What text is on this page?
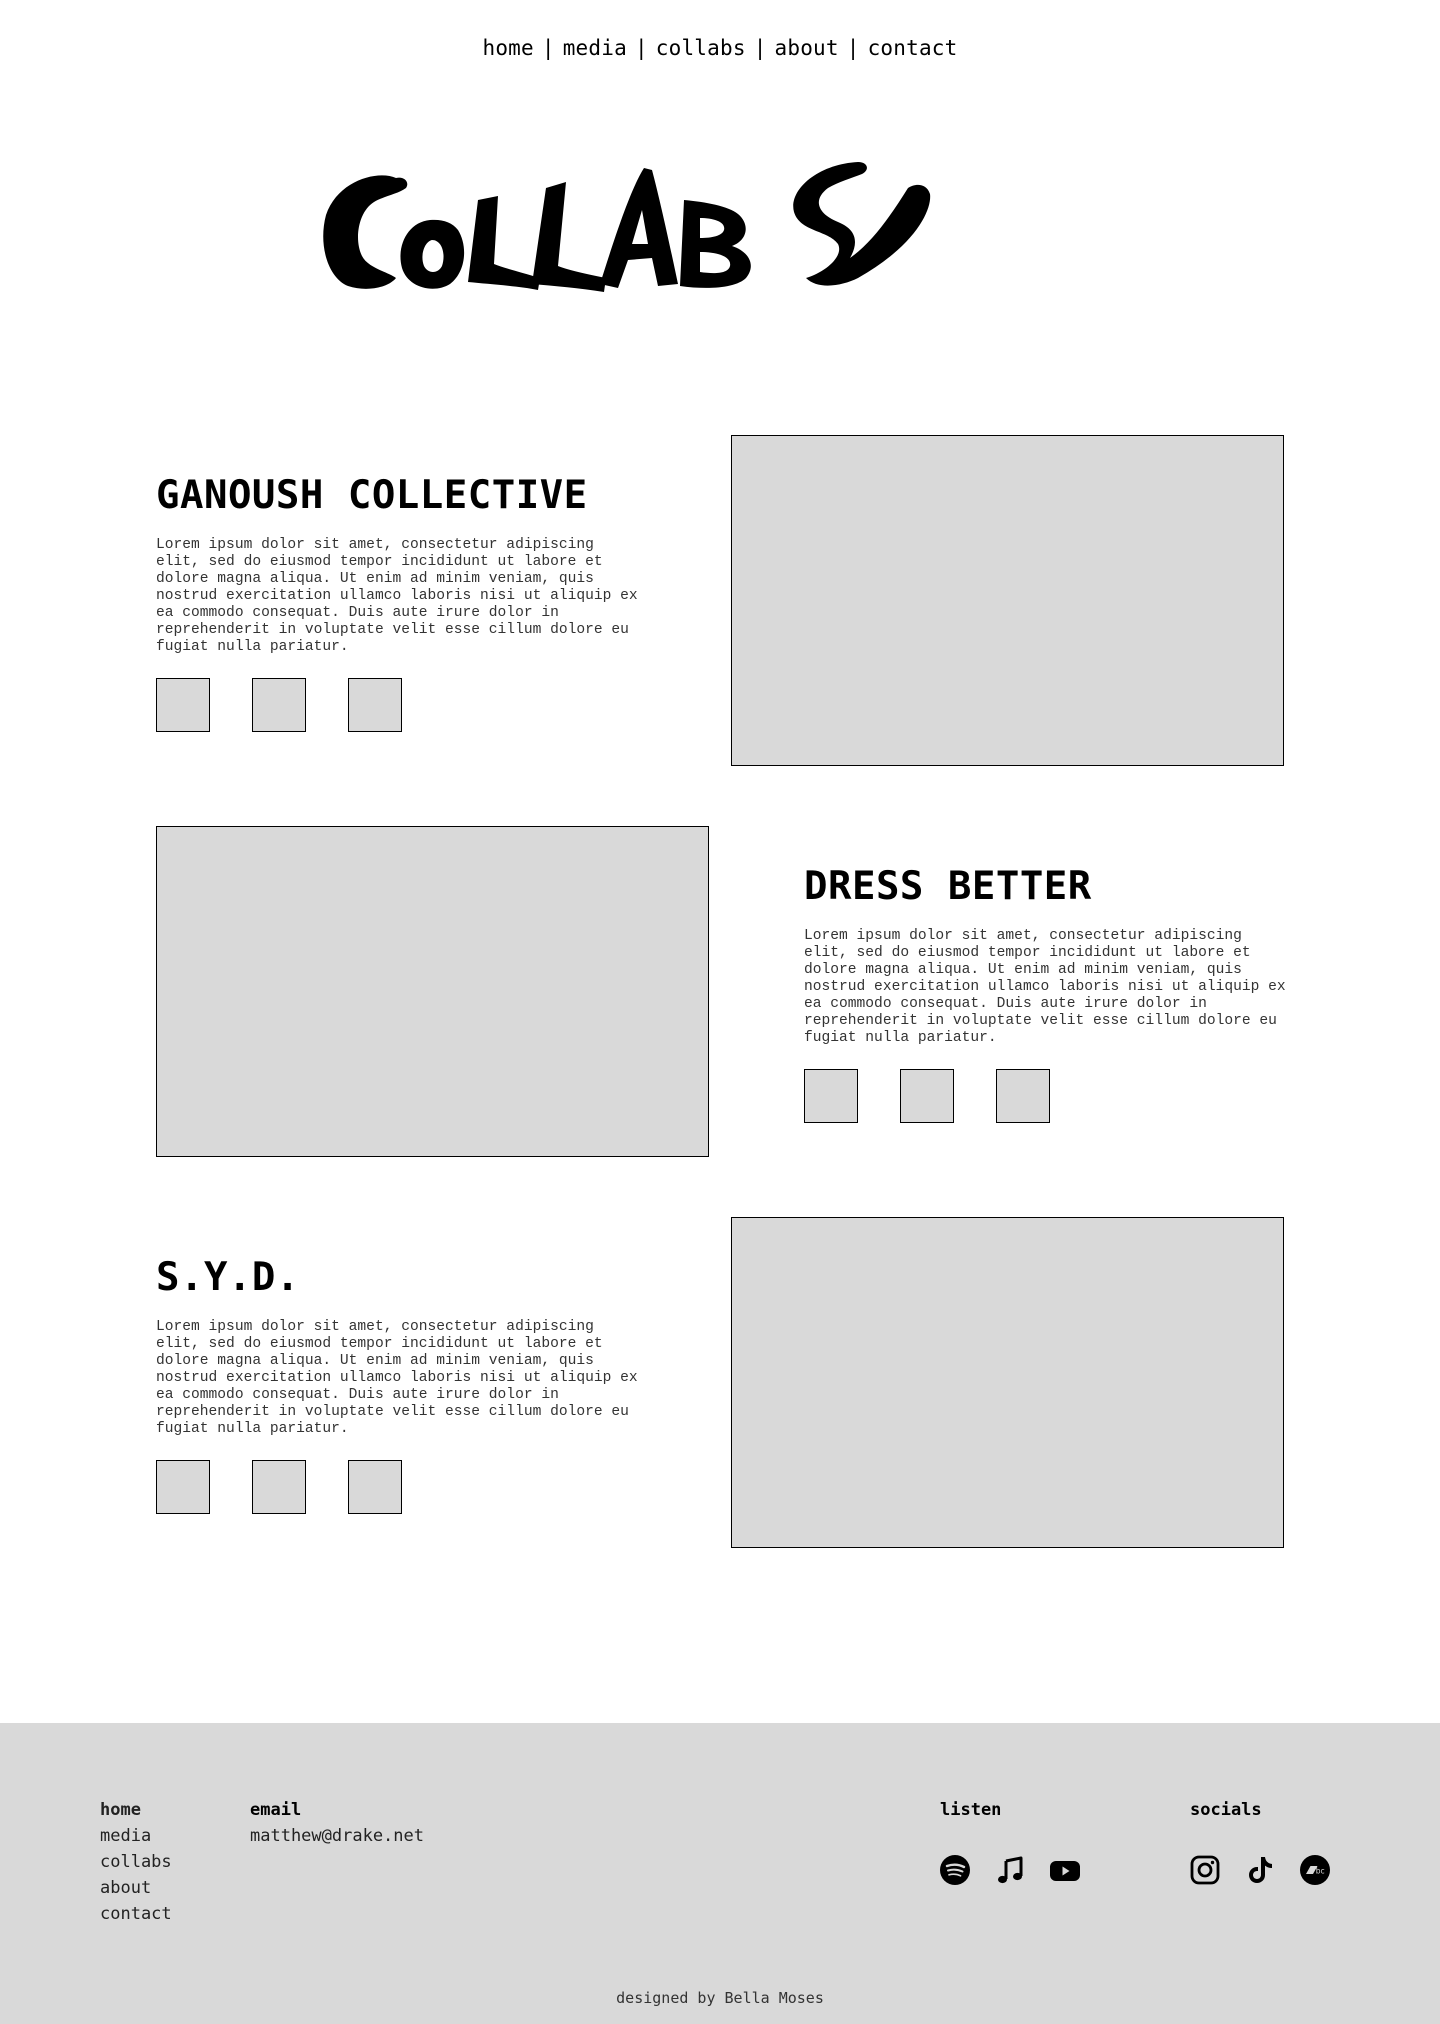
home | media | collabs | about | contact
GANOUSH COLLECTIVE

Lorem ipsum dolor sit amet, consectetur adipiscing elit, sed do eiusmod tempor incididunt ut labore et dolore magna aliqua. Ut enim ad minim veniam, quis nostrud exercitation ullamco laboris nisi ut aliquip ex ea commodo consequat. Duis aute irure dolor in reprehenderit in voluptate velit esse cillum dolore eu fugiat nulla pariatur.

DRESS BETTER

Lorem ipsum dolor sit amet, consectetur adipiscing elit, sed do eiusmod tempor incididunt ut labore et dolore magna aliqua. Ut enim ad minim veniam, quis nostrud exercitation ullamco laboris nisi ut aliquip ex ea commodo consequat. Duis aute irure dolor in reprehenderit in voluptate velit esse cillum dolore eu fugiat nulla pariatur.

S.Y.D.

Lorem ipsum dolor sit amet, consectetur adipiscing elit, sed do eiusmod tempor incididunt ut labore et dolore magna aliqua. Ut enim ad minim veniam, quis nostrud exercitation ullamco laboris nisi ut aliquip ex ea commodo consequat. Duis aute irure dolor in reprehenderit in voluptate velit esse cillum dolore eu fugiat nulla pariatur.

home
media
collabs
about
contact
email
matthew@drake.net
listen	socials
bc
designed by Bella Moses
